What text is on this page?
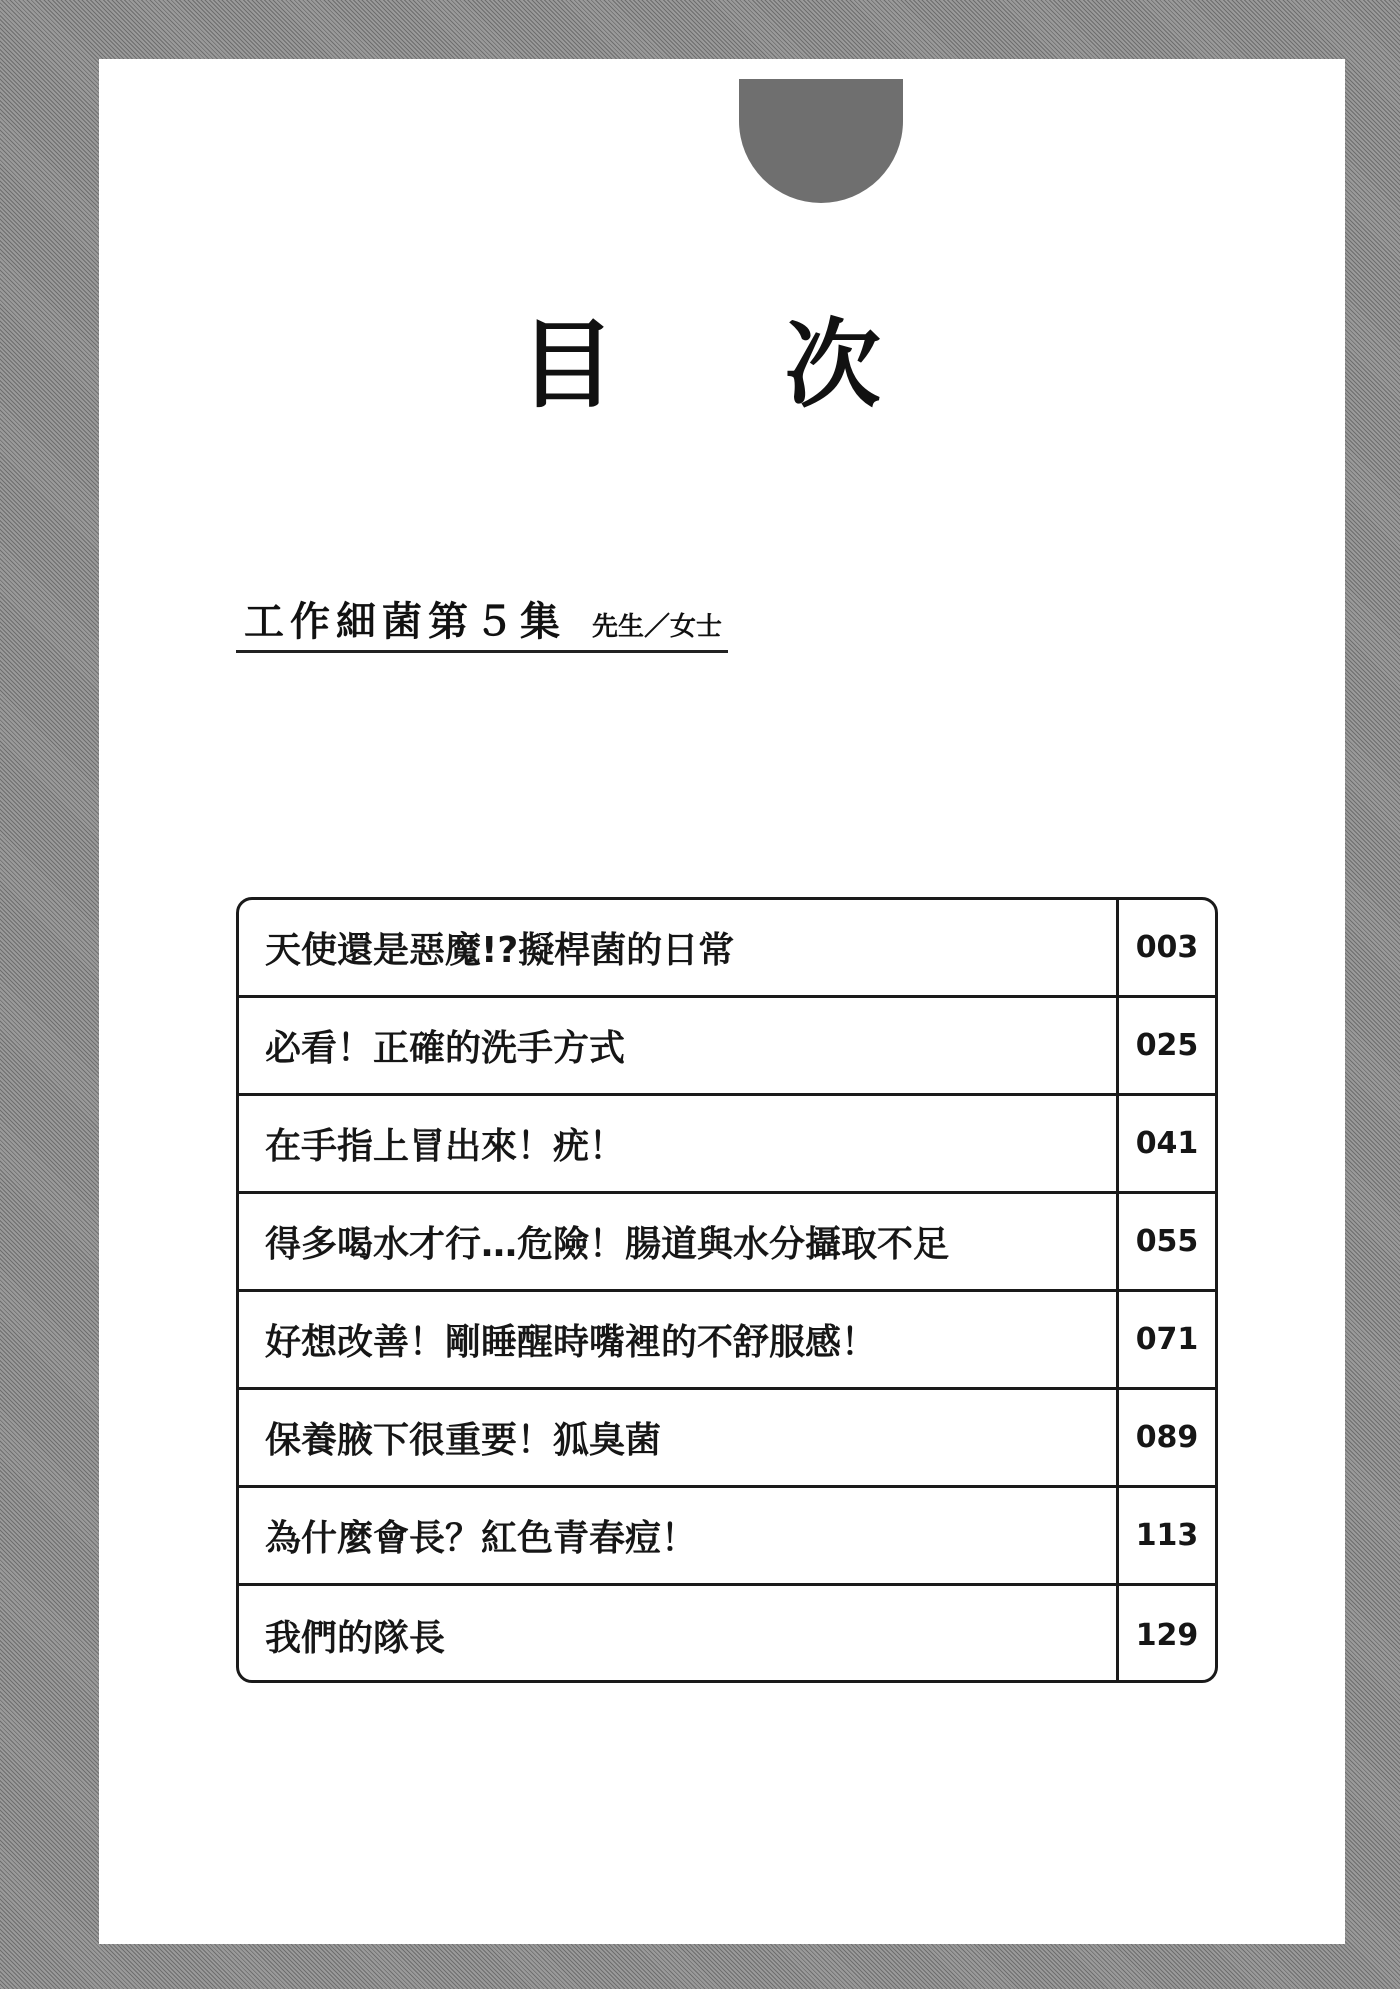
目 次
工作細菌第５集 先生／女士
天使還是惡魔!?擬桿菌的日常	003
必看！正確的洗手方式	025
在手指上冒出來！疣！	041
得多喝水才行…危險！腸道與水分攝取不足	055
好想改善！剛睡醒時嘴裡的不舒服感！	071
保養腋下很重要！狐臭菌	089
為什麼會長？紅色青春痘！	113
我們的隊長	129
